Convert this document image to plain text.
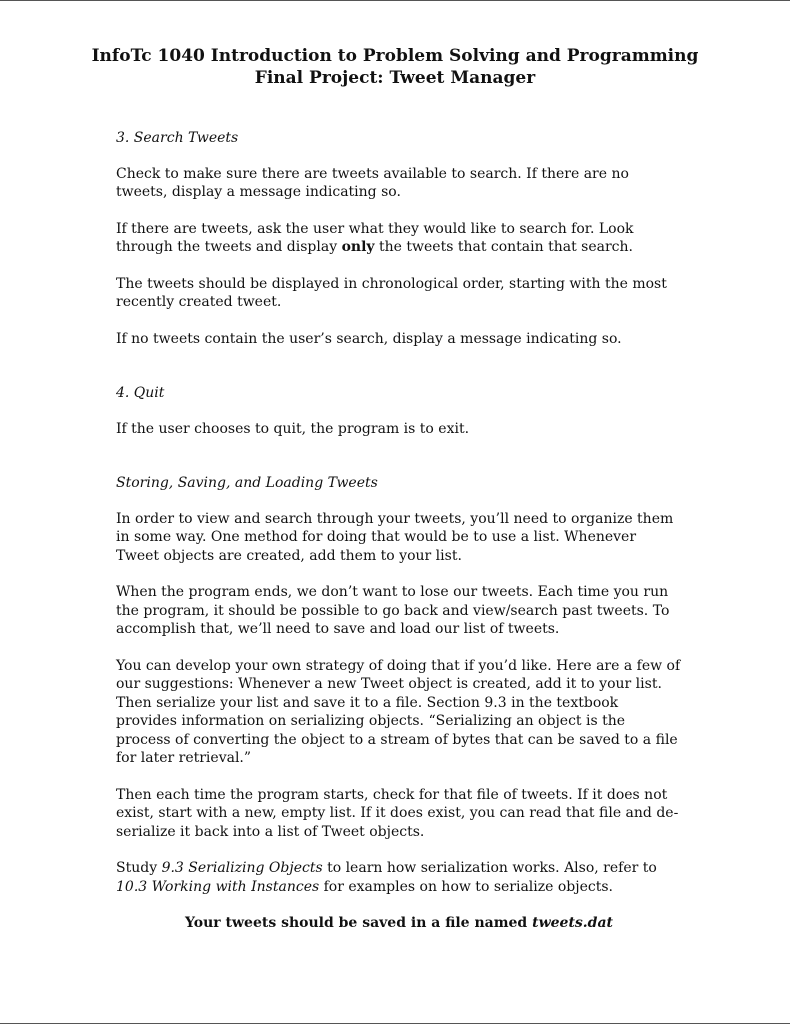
InfoTc 1040 Introduction to Problem Solving and Programming
Final Project: Tweet Manager

3. Search Tweets

Check to make sure there are tweets available to search. If there are no tweets, display a message indicating so.

If there are tweets, ask the user what they would like to search for. Look through the tweets and display only the tweets that contain that search.

The tweets should be displayed in chronological order, starting with the most recently created tweet.

If no tweets contain the user’s search, display a message indicating so.

4. Quit

If the user chooses to quit, the program is to exit.

Storing, Saving, and Loading Tweets

In order to view and search through your tweets, you’ll need to organize them in some way. One method for doing that would be to use a list. Whenever Tweet objects are created, add them to your list.

When the program ends, we don’t want to lose our tweets. Each time you run the program, it should be possible to go back and view/search past tweets. To accomplish that, we’ll need to save and load our list of tweets.

You can develop your own strategy of doing that if you’d like. Here are a few of our suggestions: Whenever a new Tweet object is created, add it to your list. Then serialize your list and save it to a file. Section 9.3 in the textbook provides information on serializing objects. “Serializing an object is the process of converting the object to a stream of bytes that can be saved to a file for later retrieval.”

Then each time the program starts, check for that file of tweets. If it does not exist, start with a new, empty list. If it does exist, you can read that file and de-serialize it back into a list of Tweet objects.

Study 9.3 Serializing Objects to learn how serialization works. Also, refer to 10.3 Working with Instances for examples on how to serialize objects.

Your tweets should be saved in a file named tweets.dat
